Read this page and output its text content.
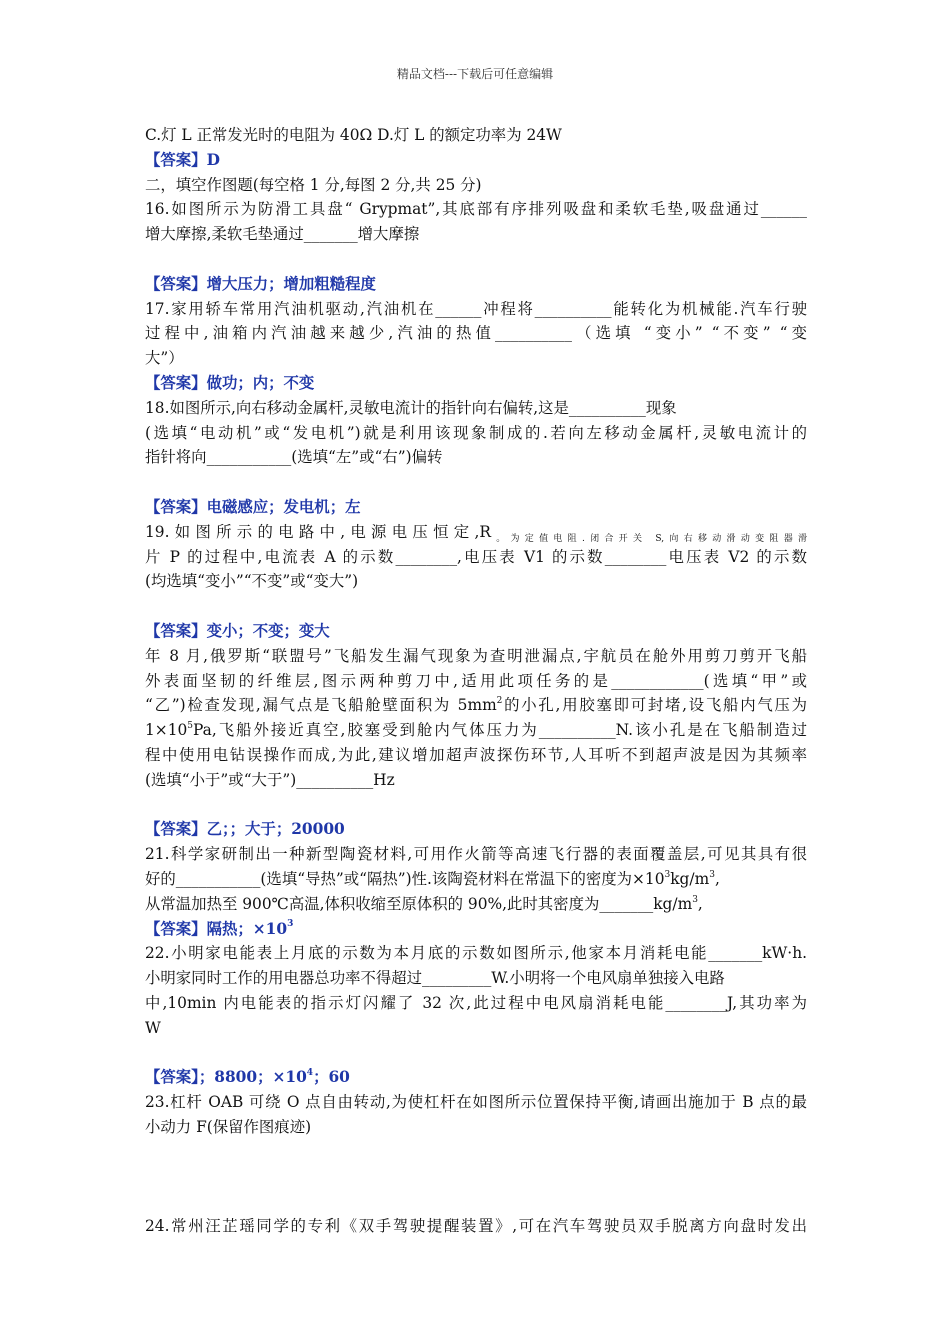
精品文档---下载后可任意编辑
C.灯 L 正常发光时的电阻为 40Ω D.灯 L 的额定功率为 24W
【答案】D
二，填空作图题(每空格 1 分,每图 2 分,共 25 分)
16.如图所示为防滑工具盘“ Grypmat”,其底部有序排列吸盘和柔软毛垫,吸盘通过______
增大摩擦,柔软毛垫通过_______增大摩擦
【答案】增大压力；增加粗糙程度
17.家用轿车常用汽油机驱动,汽油机在______冲程将__________能转化为机械能.汽车行驶
过程中,油箱内汽油越来越少,汽油的热值__________（选填 “变小” “不变” “变
大”）
【答案】做功；内；不变
18.如图所示,向右移动金属杆,灵敏电流计的指针向右偏转,这是__________现象
(选填“电动机”或“发电机”)就是利用该现象制成的.若向左移动金属杆,灵敏电流计的
指针将向___________(选填“左”或“右”)偏转
【答案】电磁感应；发电机；左
19.如图所示的电路中,电源电压恒定$,R_{。为定值电阻.闭合开关 S,向右移动滑动变阻器滑}$
片 P 的过程中,电流表 A 的示数________,电压表 V1 的示数________电压表 V2 的示数
(均选填“变小”“不变”或“变大”)
【答案】变小；不变；变大
年 8 月,俄罗斯“联盟号”飞船发生漏气现象为查明泄漏点,宇航员在舱外用剪刀剪开飞船
外表面坚韧的纤维层,图示两种剪刀中,适用此项任务的是____________(选填“甲”或
“乙”)检查发现,漏气点是飞船舱壁面积为 $5mm^2$的小孔,用胶塞即可封堵,设飞船内气压为
$1\times 10^5Pa$,飞船外接近真空,胶塞受到舱内气体压力为__________N.该小孔是在飞船制造过
程中使用电钻误操作而成,为此,建议增加超声波探伤环节,人耳听不到超声波是因为其频率
(选填“小于”或“大于”)__________Hz
【答案】乙；；大于；20000
21.科学家研制出一种新型陶瓷材料,可用作火箭等高速飞行器的表面覆盖层,可见其具有很
好的___________(选填“导热”或“隔热”)性.该陶瓷材料在常温下的密度为$\times 10^3kg/m^3$,
从常温加热至 900℃高温,体积收缩至原体积的 90%,此时其密度为$\_\_\_\_\_\_\_kg/m^3$,
【答案】隔热；$\times 10^3$
22.小明家电能表上月底的示数为本月底的示数如图所示,他家本月消耗电能_______kW·h.
小明家同时工作的用电器总功率不得超过_________W.小明将一个电风扇单独接入电路
中,10min 内电能表的指示灯闪耀了 32 次,此过程中电风扇消耗电能________J,其功率为
W
【答案】；8800；$\times 10^4$；60
23.杠杆 OAB 可绕 O 点自由转动,为使杠杆在如图所示位置保持平衡,请画出施加于 B 点的最
小动力 F(保留作图痕迹)
24.常州汪芷瑶同学的专利《双手驾驶提醒装置》,可在汽车驾驶员双手脱离方向盘时发出
